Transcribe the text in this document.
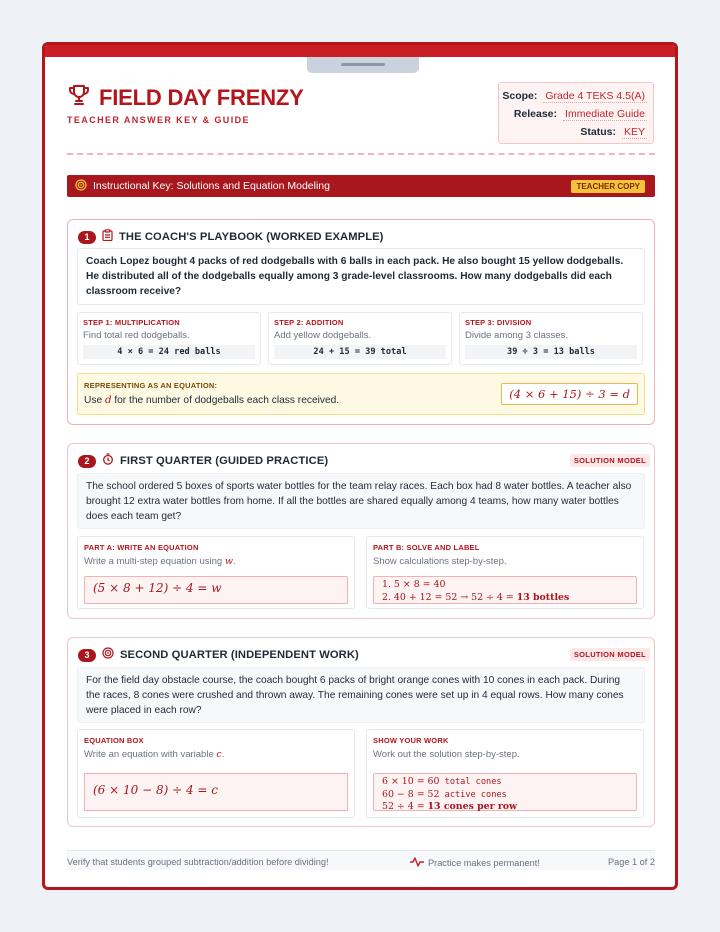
FIELD DAY FRENZY
TEACHER ANSWER KEY & GUIDE
Scope: Grade 4 TEKS 4.5(A)
Release: Immediate Guide
Status: KEY
Instructional Key: Solutions and Equation Modeling	TEACHER COPY
1	THE COACH'S PLAYBOOK (WORKED EXAMPLE)
Coach Lopez bought 4 packs of red dodgeballs with 6 balls in each pack. He also bought 15 yellow dodgeballs. He distributed all of the dodgeballs equally among 3 grade-level classrooms. How many dodgeballs did each classroom receive?
STEP 1: MULTIPLICATION
Find total red dodgeballs.
4 × 6 = 24 red balls
STEP 2: ADDITION
Add yellow dodgeballs.
24 + 15 = 39 total
STEP 3: DIVISION
Divide among 3 classes.
39 ÷ 3 = 13 balls
REPRESENTING AS AN EQUATION:
Use d for the number of dodgeballs each class received.	(4 × 6 + 15) ÷ 3 = d
2	FIRST QUARTER (GUIDED PRACTICE)	SOLUTION MODEL
The school ordered 5 boxes of sports water bottles for the team relay races. Each box had 8 water bottles. A teacher also brought 12 extra water bottles from home. If all the bottles are shared equally among 4 teams, how many water bottles does each team get?
PART A: WRITE AN EQUATION
Write a multi-step equation using w.
(5 × 8 + 12) ÷ 4 = w
PART B: SOLVE AND LABEL
Show calculations step-by-step.
1. 5 × 8 = 40
2. 40 + 12 = 52 → 52 ÷ 4 = 13 bottles
3	SECOND QUARTER (INDEPENDENT WORK)	SOLUTION MODEL
For the field day obstacle course, the coach bought 6 packs of bright orange cones with 10 cones in each pack. During the races, 8 cones were crushed and thrown away. The remaining cones were set up in 4 equal rows. How many cones were placed in each row?
EQUATION BOX
Write an equation with variable c.
(6 × 10 − 8) ÷ 4 = c
SHOW YOUR WORK
Work out the solution step-by-step.
6 × 10 = 60 total cones
60 − 8 = 52 active cones
52 ÷ 4 = 13 cones per row
Verify that students grouped subtraction/addition before dividing!	Practice makes permanent!	Page 1 of 2
